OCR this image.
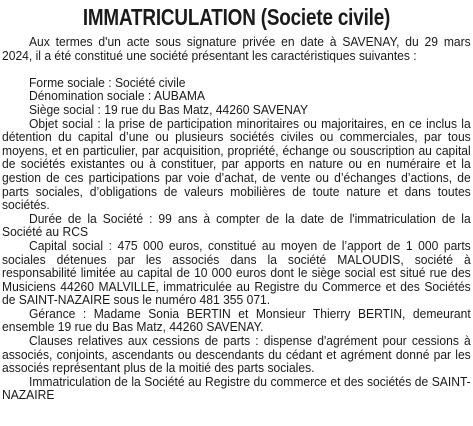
IMMATRICULATION (Societe civile)

Aux termes d'un acte sous signature privée en date à SAVENAY, du 29 mars 2024, il a été constitué une société présentant les caractéristiques suivantes :

Forme sociale : Société civile

Dénomination sociale : AUBAMA

Siège social : 19 rue du Bas Matz, 44260 SAVENAY

Objet social : la prise de participation minoritaires ou majoritaires, en ce inclus la détention du capital d’une ou plusieurs sociétés civiles ou commerciales, par tous moyens, et en particulier, par acquisition, propriété, échange ou souscription au capital de sociétés existantes ou à constituer, par apports en nature ou en numéraire et la gestion de ces participations par voie d’achat, de vente ou d’échanges d’actions, de parts sociales, d’obligations de valeurs mobilières de toute nature et dans toutes sociétés.

Durée de la Société : 99 ans à compter de la date de l'immatriculation de la Société au RCS

Capital social : 475 000 euros, constitué au moyen de l’apport de 1 000 parts sociales détenues par les associés dans la société MALOUDIS, société à responsabilité limitée au capital de 10 000 euros dont le siège social est situé rue des Musiciens 44260 MALVILLE, immatriculée au Registre du Commerce et des Sociétés de SAINT-NAZAIRE sous le numéro 481 355 071.

Gérance : Madame Sonia BERTIN et Monsieur Thierry BERTIN, demeurant ensemble 19 rue du Bas Matz, 44260 SAVENAY.

Clauses relatives aux cessions de parts : dispense d'agrément pour cessions à associés, conjoints, ascendants ou descendants du cédant et agrément donné par les associés représentant plus de la moitié des parts sociales.

Immatriculation de la Société au Registre du commerce et des sociétés de SAINT-NAZAIRE
